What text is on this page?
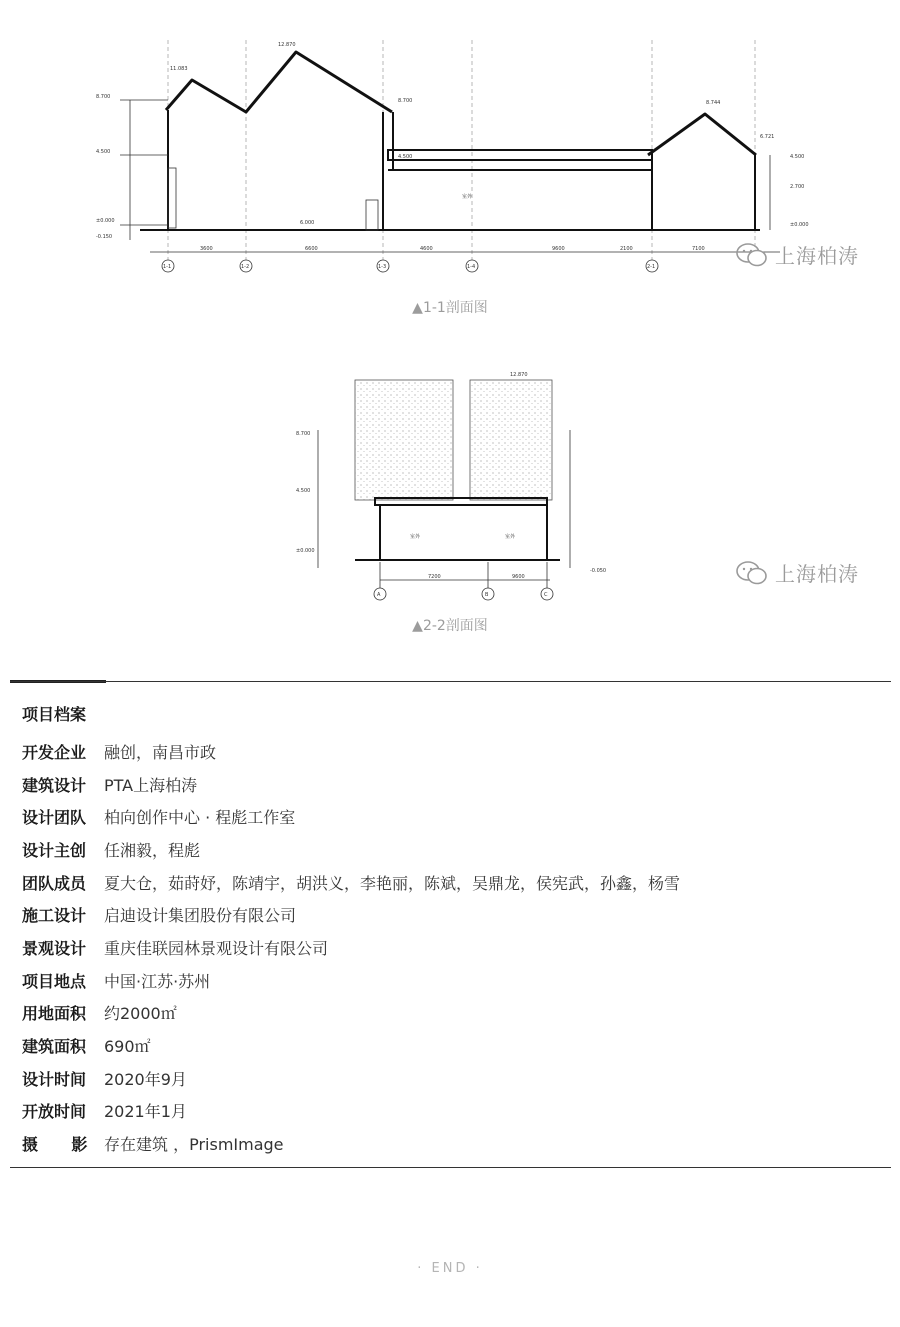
8.700
4.500
±0.000
-0.150
12.870
11.083
8.700
4.500
6.000
8.744
6.721
4.500
2.700
±0.000
室外
3600	6600	4600	9600	2100	7100
1-1	1-2	1-3	1-4	2-1	上海柏涛
▲1-1剖面图
12.870
8.700
4.500
±0.000
-0.050
室外	室外
7200	9600
A	B	C
上海柏涛
▲2-2剖面图
项目档案
开发企业	融创，南昌市政
建筑设计	PTA上海柏涛
设计团队	柏向创作中心 · 程彪工作室
设计主创	任湘毅，程彪
团队成员	夏大仓，茹莳妤，陈靖宇，胡洪义，李艳丽，陈斌，吴鼎龙，侯宪武，孙鑫，杨雪
施工设计	启迪设计集团股份有限公司
景观设计	重庆佳联园林景观设计有限公司
项目地点	中国·江苏·苏州
用地面积	约2000㎡
建筑面积	690㎡
设计时间	2020年9月
开放时间	2021年1月
摄      影	存在建筑 ，PrismImage
· END ·
